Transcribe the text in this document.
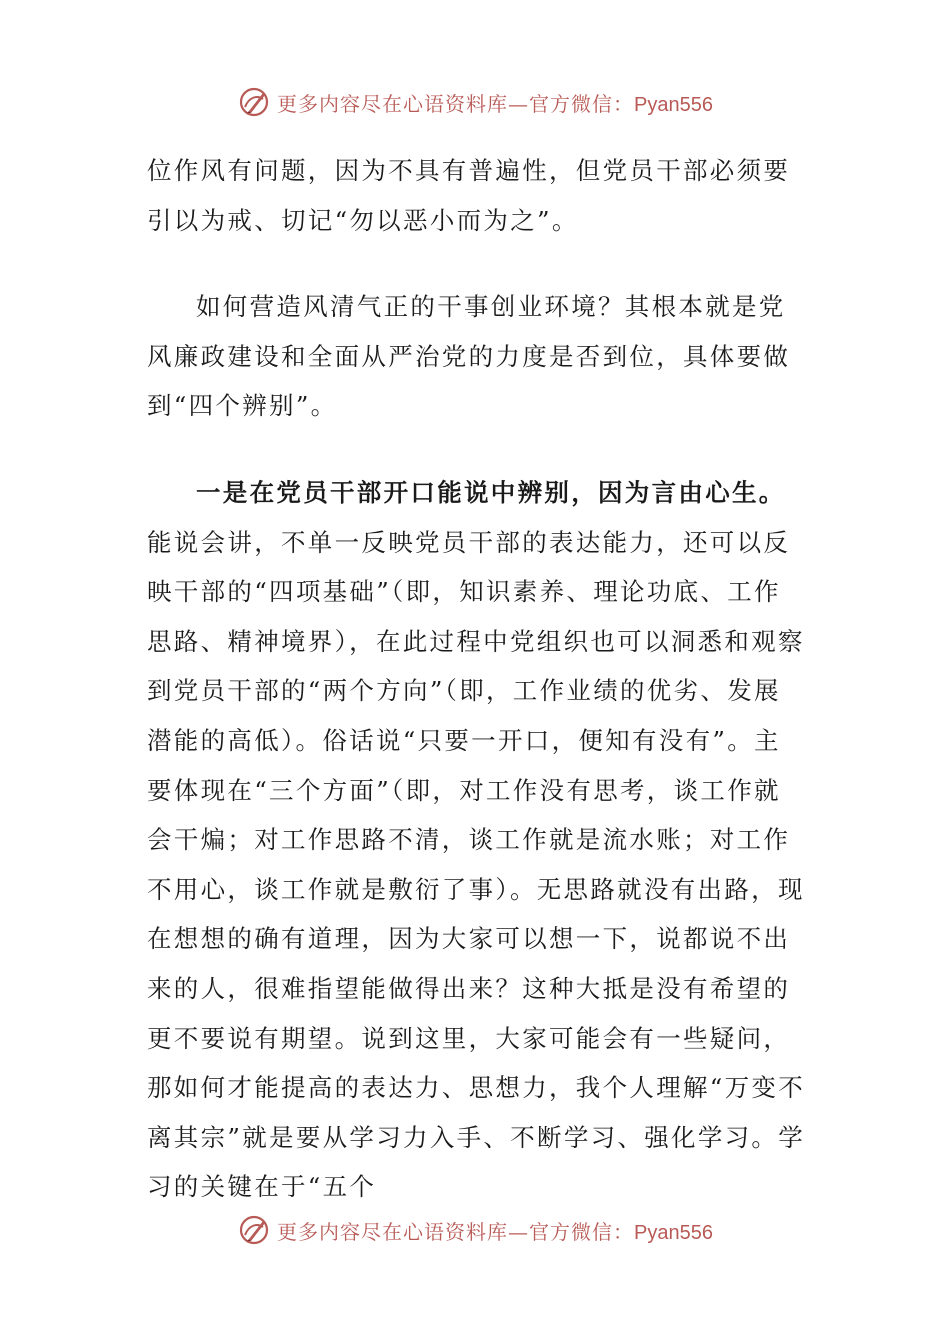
更多内容尽在心语资料库—官方微信：Pyan556

位作风有问题，因为不具有普遍性，但党员干部必须要引以为戒、切记“勿以恶小而为之”。

如何营造风清气正的干事创业环境？其根本就是党风廉政建设和全面从严治党的力度是否到位，具体要做到“四个辨别”。

一是在党员干部开口能说中辨别，因为言由心生。能说会讲，不单一反映党员干部的表达能力，还可以反映干部的“四项基础”（即，知识素养、理论功底、工作思路、精神境界），在此过程中党组织也可以洞悉和观察到党员干部的“两个方向”（即，工作业绩的优劣、发展潜能的高低）。俗话说“只要一开口，便知有没有”。主要体现在“三个方面”（即，对工作没有思考，谈工作就会干煸；对工作思路不清，谈工作就是流水账；对工作不用心，谈工作就是敷衍了事）。无思路就没有出路，现在想想的确有道理，因为大家可以想一下，说都说不出来的人，很难指望能做得出来？这种大抵是没有希望的更不要说有期望。说到这里，大家可能会有一些疑问，那如何才能提高的表达力、思想力，我个人理解“万变不离其宗”就是要从学习力入手、不断学习、强化学习。学习的关键在于“五个

更多内容尽在心语资料库—官方微信：Pyan556
